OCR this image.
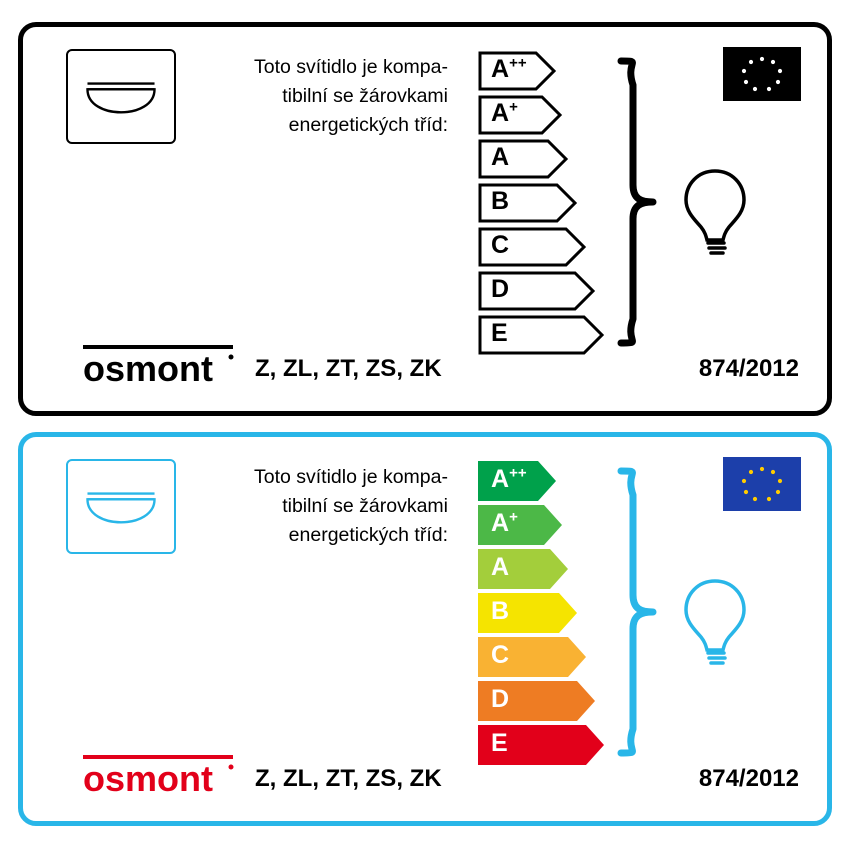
Toto svítidlo je kompa-
tibilní se žárovkami
energetických tříd:
A++
A+
A
B
C
D
E
osmont Z, ZL, ZT, ZS, ZK	874/2012
Toto svítidlo je kompa-
tibilní se žárovkami
energetických tříd:
A++
A+
A
B
C
D
E
osmont Z, ZL, ZT, ZS, ZK	874/2012
